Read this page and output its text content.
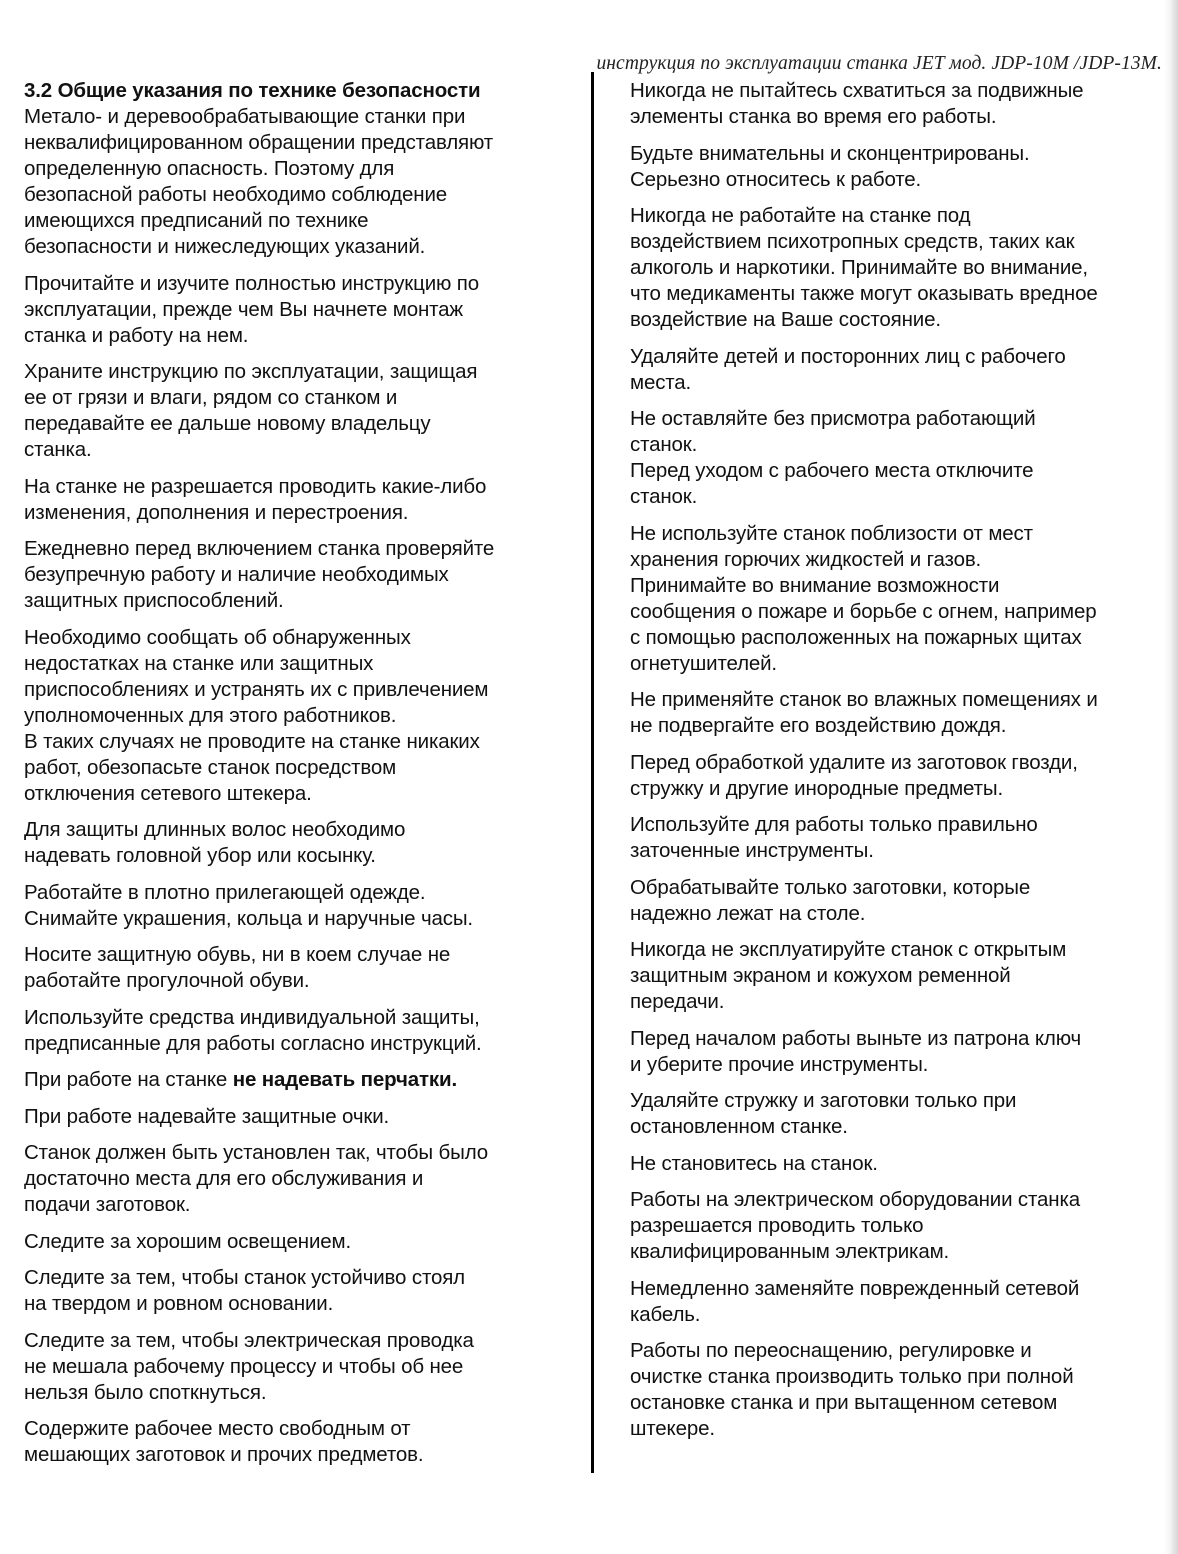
инструкция по эксплуатации станка JET мод. JDP-10M /JDP-13M.

3.2 Общие указания по технике безопасности
Метало- и деревообрабатывающие станки при
неквалифицированном обращении представляют
определенную опасность. Поэтому для
безопасной работы необходимо соблюдение
имеющихся предписаний по технике
безопасности и нижеследующих указаний.

Прочитайте и изучите полностью инструкцию по
эксплуатации, прежде чем Вы начнете монтаж
станка и работу на нем.

Храните инструкцию по эксплуатации, защищая
ее от грязи и влаги, рядом со станком и
передавайте ее дальше новому владельцу
станка.

На станке не разрешается проводить какие-либо
изменения, дополнения и перестроения.

Ежедневно перед включением станка проверяйте
безупречную работу и наличие необходимых
защитных приспособлений.

Необходимо сообщать об обнаруженных
недостатках на станке или защитных
приспособлениях и устранять их с привлечением
уполномоченных для этого работников.
В таких случаях не проводите на станке никаких
работ, обезопасьте станок посредством
отключения сетевого штекера.

Для защиты длинных волос необходимо
надевать головной убор или косынку.

Работайте в плотно прилегающей одежде.
Снимайте украшения, кольца и наручные часы.

Носите защитную обувь, ни в коем случае не
работайте прогулочной обуви.

Используйте средства индивидуальной защиты,
предписанные для работы согласно инструкций.

При работе на станке не надевать перчатки.

При работе надевайте защитные очки.

Станок должен быть установлен так, чтобы было
достаточно места для его обслуживания и
подачи заготовок.

Следите за хорошим освещением.

Следите за тем, чтобы станок устойчиво стоял
на твердом и ровном основании.

Следите за тем, чтобы электрическая проводка
не мешала рабочему процессу и чтобы об нее
нельзя было споткнуться.

Содержите рабочее место свободным от
мешающих заготовок и прочих предметов.

Никогда не пытайтесь схватиться за подвижные
элементы станка во время его работы.

Будьте внимательны и сконцентрированы.
Серьезно относитесь к работе.

Никогда не работайте на станке под
воздействием психотропных средств, таких как
алкоголь и наркотики. Принимайте во внимание,
что медикаменты также могут оказывать вредное
воздействие на Ваше состояние.

Удаляйте детей и посторонних лиц с рабочего
места.

Не оставляйте без присмотра работающий
станок.
Перед уходом с рабочего места отключите
станок.

Не используйте станок поблизости от мест
хранения горючих жидкостей и газов.
Принимайте во внимание возможности
сообщения о пожаре и борьбе с огнем, например
с помощью расположенных на пожарных щитах
огнетушителей.

Не применяйте станок во влажных помещениях и
не подвергайте его воздействию дождя.

Перед обработкой удалите из заготовок гвозди,
стружку и другие инородные предметы.

Используйте для работы только правильно
заточенные инструменты.

Обрабатывайте только заготовки, которые
надежно лежат на столе.

Никогда не эксплуатируйте станок с открытым
защитным экраном и кожухом ременной
передачи.

Перед началом работы выньте из патрона ключ
и уберите прочие инструменты.

Удаляйте стружку и заготовки только при
остановленном станке.

Не становитесь на станок.

Работы на электрическом оборудовании станка
разрешается проводить только
квалифицированным электрикам.

Немедленно заменяйте поврежденный сетевой
кабель.

Работы по переоснащению, регулировке и
очистке станка производить только при полной
остановке станка и при вытащенном сетевом
штекере.
